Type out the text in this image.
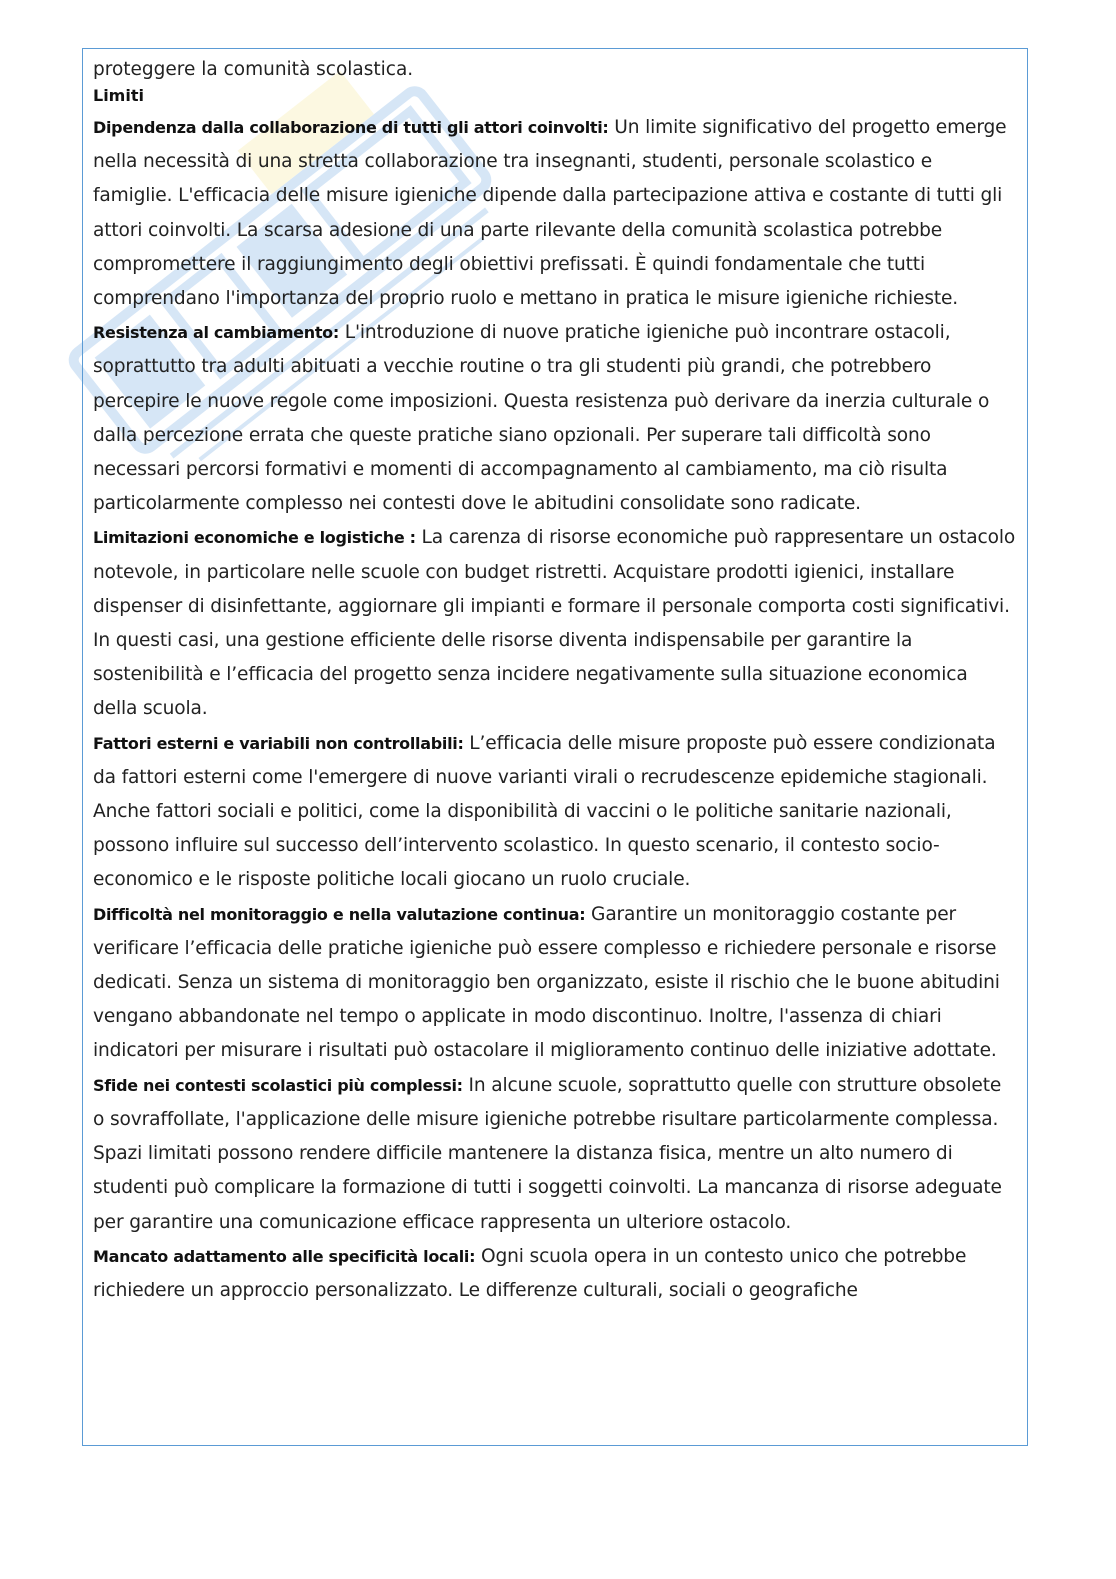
proteggere la comunità scolastica.

Limiti

Dipendenza dalla collaborazione di tutti gli attori coinvolti: Un limite significativo del progetto emerge nella necessità di una stretta collaborazione tra insegnanti, studenti, personale scolastico e famiglie. L'efficacia delle misure igieniche dipende dalla partecipazione attiva e costante di tutti gli attori coinvolti. La scarsa adesione di una parte rilevante della comunità scolastica potrebbe compromettere il raggiungimento degli obiettivi prefissati. È quindi fondamentale che tutti comprendano l'importanza del proprio ruolo e mettano in pratica le misure igieniche richieste.

Resistenza al cambiamento: L'introduzione di nuove pratiche igieniche può incontrare ostacoli, soprattutto tra adulti abituati a vecchie routine o tra gli studenti più grandi, che potrebbero percepire le nuove regole come imposizioni. Questa resistenza può derivare da inerzia culturale o dalla percezione errata che queste pratiche siano opzionali. Per superare tali difficoltà sono necessari percorsi formativi e momenti di accompagnamento al cambiamento, ma ciò risulta particolarmente complesso nei contesti dove le abitudini consolidate sono radicate.

Limitazioni economiche e logistiche : La carenza di risorse economiche può rappresentare un ostacolo notevole, in particolare nelle scuole con budget ristretti. Acquistare prodotti igienici, installare dispenser di disinfettante, aggiornare gli impianti e formare il personale comporta costi significativi. In questi casi, una gestione efficiente delle risorse diventa indispensabile per garantire la sostenibilità e l’efficacia del progetto senza incidere negativamente sulla situazione economica della scuola.

Fattori esterni e variabili non controllabili: L’efficacia delle misure proposte può essere condizionata da fattori esterni come l'emergere di nuove varianti virali o recrudescenze epidemiche stagionali. Anche fattori sociali e politici, come la disponibilità di vaccini o le politiche sanitarie nazionali, possono influire sul successo dell’intervento scolastico. In questo scenario, il contesto socio-economico e le risposte politiche locali giocano un ruolo cruciale.

Difficoltà nel monitoraggio e nella valutazione continua: Garantire un monitoraggio costante per verificare l’efficacia delle pratiche igieniche può essere complesso e richiedere personale e risorse dedicati. Senza un sistema di monitoraggio ben organizzato, esiste il rischio che le buone abitudini vengano abbandonate nel tempo o applicate in modo discontinuo. Inoltre, l'assenza di chiari indicatori per misurare i risultati può ostacolare il miglioramento continuo delle iniziative adottate.

Sfide nei contesti scolastici più complessi: In alcune scuole, soprattutto quelle con strutture obsolete o sovraffollate, l'applicazione delle misure igieniche potrebbe risultare particolarmente complessa. Spazi limitati possono rendere difficile mantenere la distanza fisica, mentre un alto numero di studenti può complicare la formazione di tutti i soggetti coinvolti. La mancanza di risorse adeguate per garantire una comunicazione efficace rappresenta un ulteriore ostacolo.

Mancato adattamento alle specificità locali: Ogni scuola opera in un contesto unico che potrebbe richiedere un approccio personalizzato. Le differenze culturali, sociali o geografiche
